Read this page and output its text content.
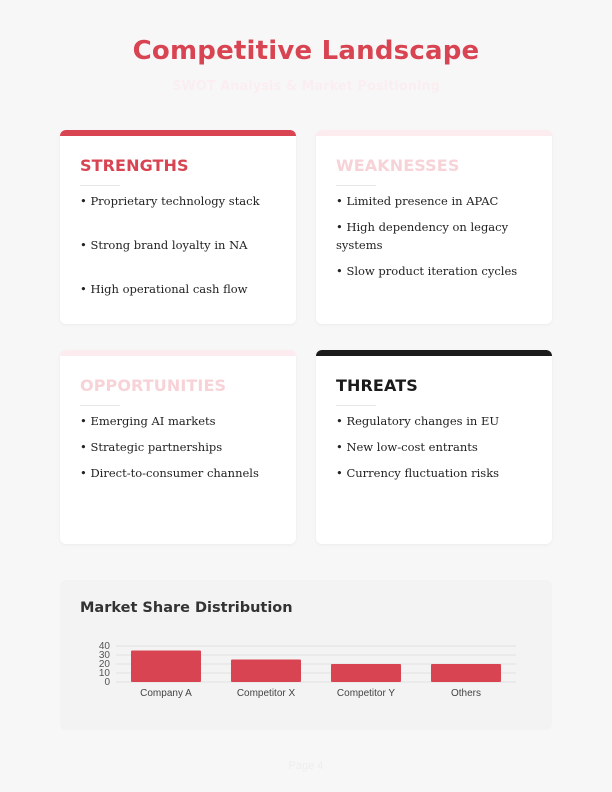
Competitive Landscape
SWOT Analysis & Market Positioning
STRENGTHS
• Proprietary technology stack
• Strong brand loyalty in NA
• High operational cash flow
WEAKNESSES
• Limited presence in APAC
• High dependency on legacy systems
• Slow product iteration cycles
OPPORTUNITIES
• Emerging AI markets
• Strategic partnerships
• Direct-to-consumer channels
THREATS
• Regulatory changes in EU
• New low-cost entrants
• Currency fluctuation risks
Market Share Distribution
0
10
20
30
40
Company A	Competitor X	Competitor Y	Others
Page 4
